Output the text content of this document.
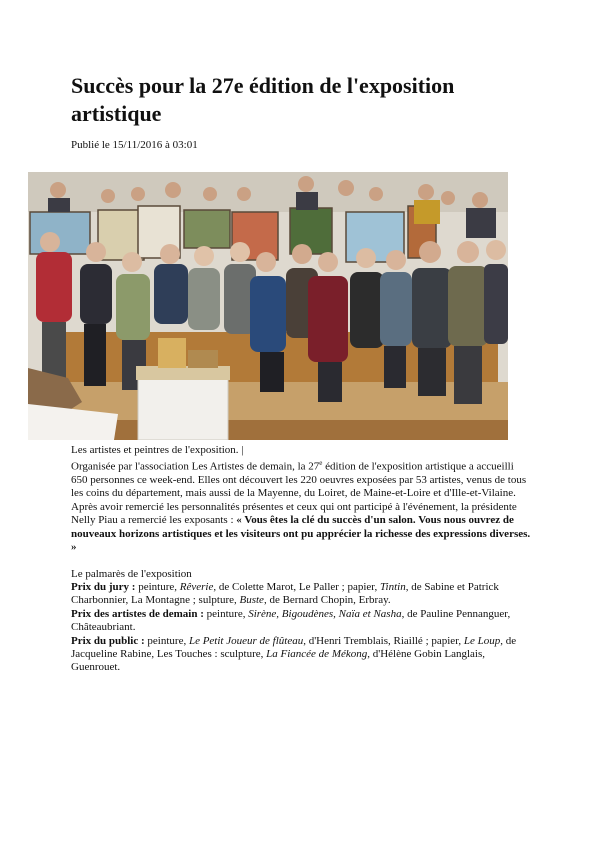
Succès pour la 27e édition de l'exposition artistique
Publié le 15/11/2016 à 03:01
Les artistes et peintres de l'exposition. |

Organisée par l'association Les Artistes de demain, la 27e édition de l'exposition artistique a accueilli 650 personnes ce week-end. Elles ont découvert les 220 oeuvres exposées par 53 artistes, venus de tous les coins du département, mais aussi de la Mayenne, du Loiret, de Maine-et-Loire et d'Ille-et-Vilaine.

Après avoir remercié les personnalités présentes et ceux qui ont participé à l'événement, la présidente Nelly Piau a remercié les exposants : « Vous êtes la clé du succès d'un salon. Vous nous ouvrez de nouveaux horizons artistiques et les visiteurs ont pu apprécier la richesse des expressions diverses. »

Le palmarès de l'exposition

Prix du jury : peinture, Rêverie, de Colette Marot, Le Paller ; papier, Tintin, de Sabine et Patrick Charbonnier, La Montagne ; sulpture, Buste, de Bernard Chopin, Erbray.

Prix des artistes de demain : peinture, Sirène, Bigoudènes, Naïa et Nasha, de Pauline Pennanguer, Châteaubriant.

Prix du public : peinture, Le Petit Joueur de flûteau, d'Henri Tremblais, Riaillé ; papier, Le Loup, de Jacqueline Rabine, Les Touches : sculpture, La Fiancée de Mékong, d'Hélène Gobin Langlais, Guenrouet.
